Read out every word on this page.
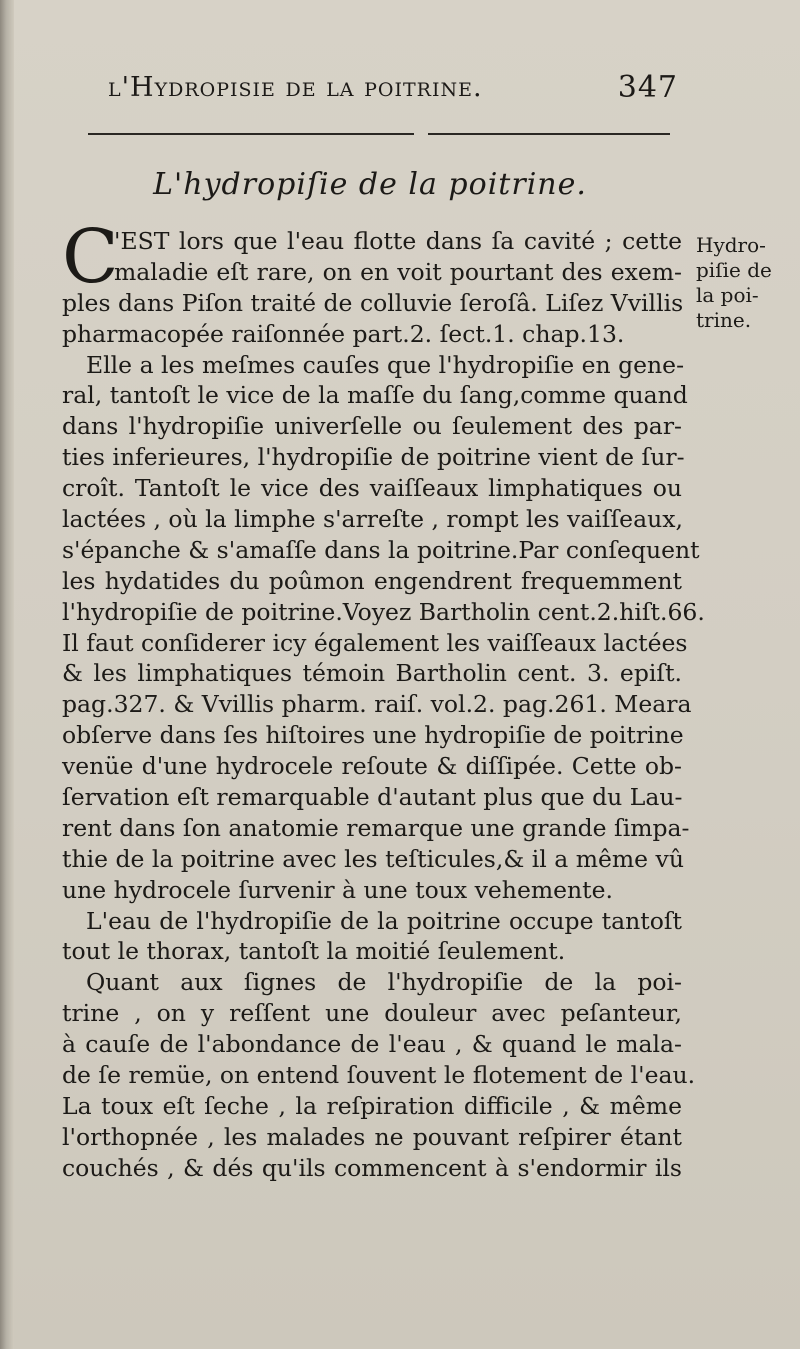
l'Hydropisie de la poitrine.	347
L'hydropiſie de la poitrine.
C
'EST lors que l'eau flotte dans ſa cavité ; cette
maladie eſt rare, on en voit pourtant des exem-
ples dans Piſon traité de colluvie ſeroſâ. Liſez Vvillis
pharmacopée raiſonnée part.2. ſect.1. chap.13.
Elle a les meſmes cauſes que l'hydropiſie en gene-
ral, tantoſt le vice de la maſſe du ſang,comme quand
dans l'hydropiſie univerſelle ou ſeulement des par-
ties inferieures, l'hydropiſie de poitrine vient de ſur-
croît. Tantoſt le vice des vaiſſeaux limphatiques ou
lactées , où la limphe s'arreſte , rompt les vaiſſeaux,
s'épanche & s'amaſſe dans la poitrine.Par conſequent
les hydatides du poûmon engendrent frequemment
l'hydropiſie de poitrine.Voyez Bartholin cent.2.hiſt.66.
Il faut conſiderer icy également les vaiſſeaux lactées
& les limphatiques témoin Bartholin cent. 3. epiſt.
pag.327. & Vvillis pharm. raiſ. vol.2. pag.261. Meara
obſerve dans ſes hiſtoires une hydropiſie de poitrine
venüe d'une hydrocele reſoute & diſſipée. Cette ob-
ſervation eſt remarquable d'autant plus que du Lau-
rent dans ſon anatomie remarque une grande ſimpa-
thie de la poitrine avec les teſticules,& il a même vû
une hydrocele ſurvenir à une toux vehemente.
L'eau de l'hydropiſie de la poitrine occupe tantoſt
tout le thorax, tantoſt la moitié ſeulement.
Quant aux ſignes de l'hydropiſie de la poi-
trine , on y reſſent une douleur avec peſanteur,
à cauſe de l'abondance de l'eau , & quand le mala-
de ſe remüe, on entend ſouvent le flotement de l'eau.
La toux eſt ſeche , la reſpiration difficile , & même
l'orthopnée , les malades ne pouvant reſpirer étant
couchés , & dés qu'ils commencent à s'endormir ils
Hydro-
piſie de
la poi-
trine.
